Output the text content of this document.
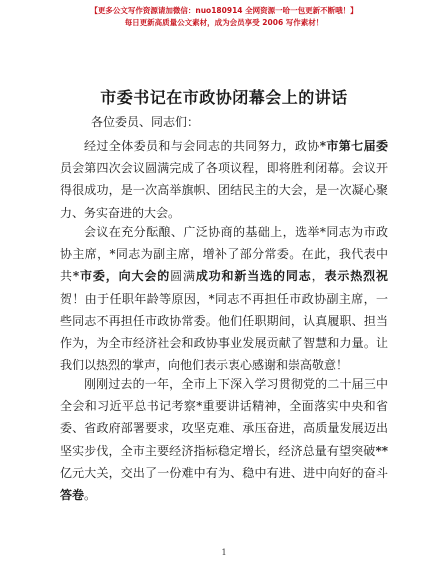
【更多公文写作资源请加微信：nuo180914 全网资源一哈一包更新不断哦！】
每日更新高质量公文素材，成为会员享受 2006 写作素材！
市委书记在市政协闭幕会上的讲话
各位委员、同志们：

经过全体委员和与会同志的共同努力，政协*市第七届委员会第四次会议圆满完成了各项议程，即将胜利闭幕。会议开得很成功，是一次高举旗帜、团结民主的大会，是一次凝心聚力、务实奋进的大会。

会议在充分酝酿、广泛协商的基础上，选举*同志为市政协主席，*同志为副主席，增补了部分常委。在此，我代表中共*市委，向大会的圆满成功和新当选的同志，表示热烈祝贺！由于任职年龄等原因，*同志不再担任市政协副主席，一些同志不再担任市政协常委。他们任职期间，认真履职、担当作为，为全市经济社会和政协事业发展贡献了智慧和力量。让我们以热烈的掌声，向他们表示衷心感谢和崇高敬意！

刚刚过去的一年，全市上下深入学习贯彻党的二十届三中全会和习近平总书记考察*重要讲话精神，全面落实中央和省委、省政府部署要求，攻坚克难、承压奋进，高质量发展迈出坚实步伐，全市主要经济指标稳定增长，经济总量有望突破**亿元大关，交出了一份难中有为、稳中有进、进中向好的奋斗答卷。

1
